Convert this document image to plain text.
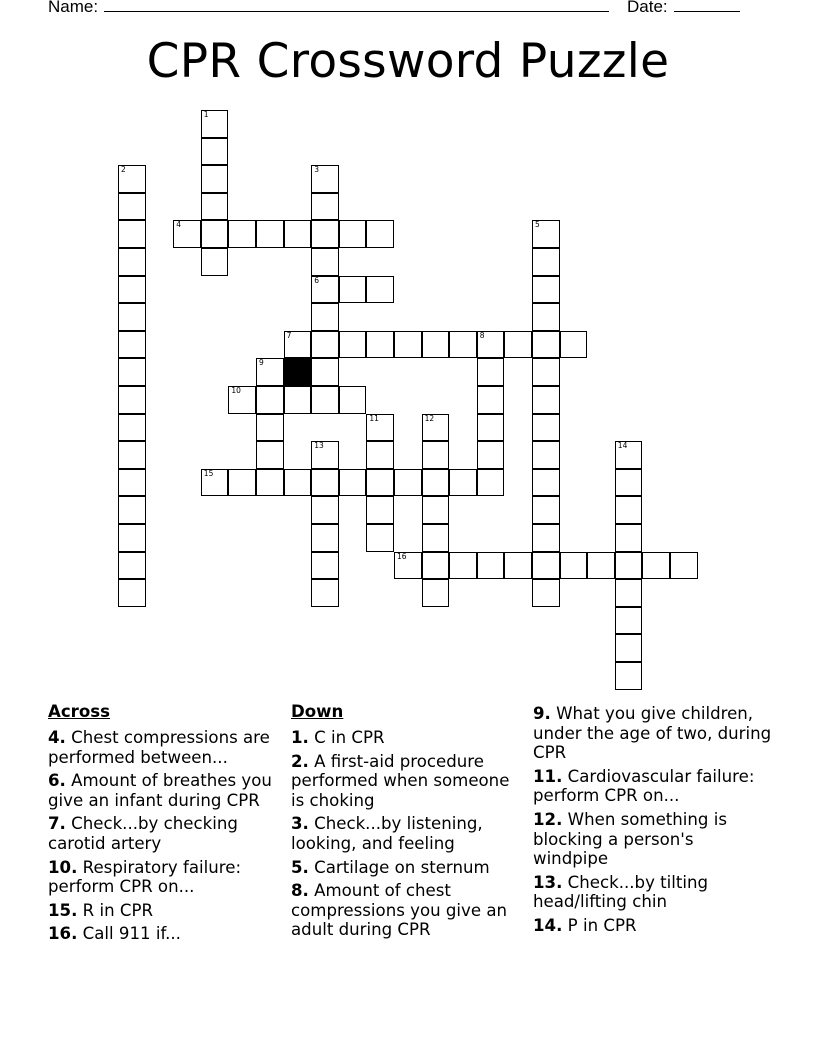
Name:	Date:
CPR Crossword Puzzle
1
2	3
6
4	5
7	8
9
10
11	12
13	14
15
16
Across
4. Chest compressions are performed between...
6. Amount of breathes you give an infant during CPR
7. Check...by checking carotid artery
10. Respiratory failure: perform CPR on...
15. R in CPR
16. Call 911 if...
Down
1. C in CPR
2. A first-aid procedure performed when someone is choking
3. Check...by listening, looking, and feeling
5. Cartilage on sternum
8. Amount of chest compressions you give an adult during CPR
9. What you give children, under the age of two, during CPR
11. Cardiovascular failure: perform CPR on...
12. When something is blocking a person's windpipe
13. Check...by tilting head/lifting chin
14. P in CPR
